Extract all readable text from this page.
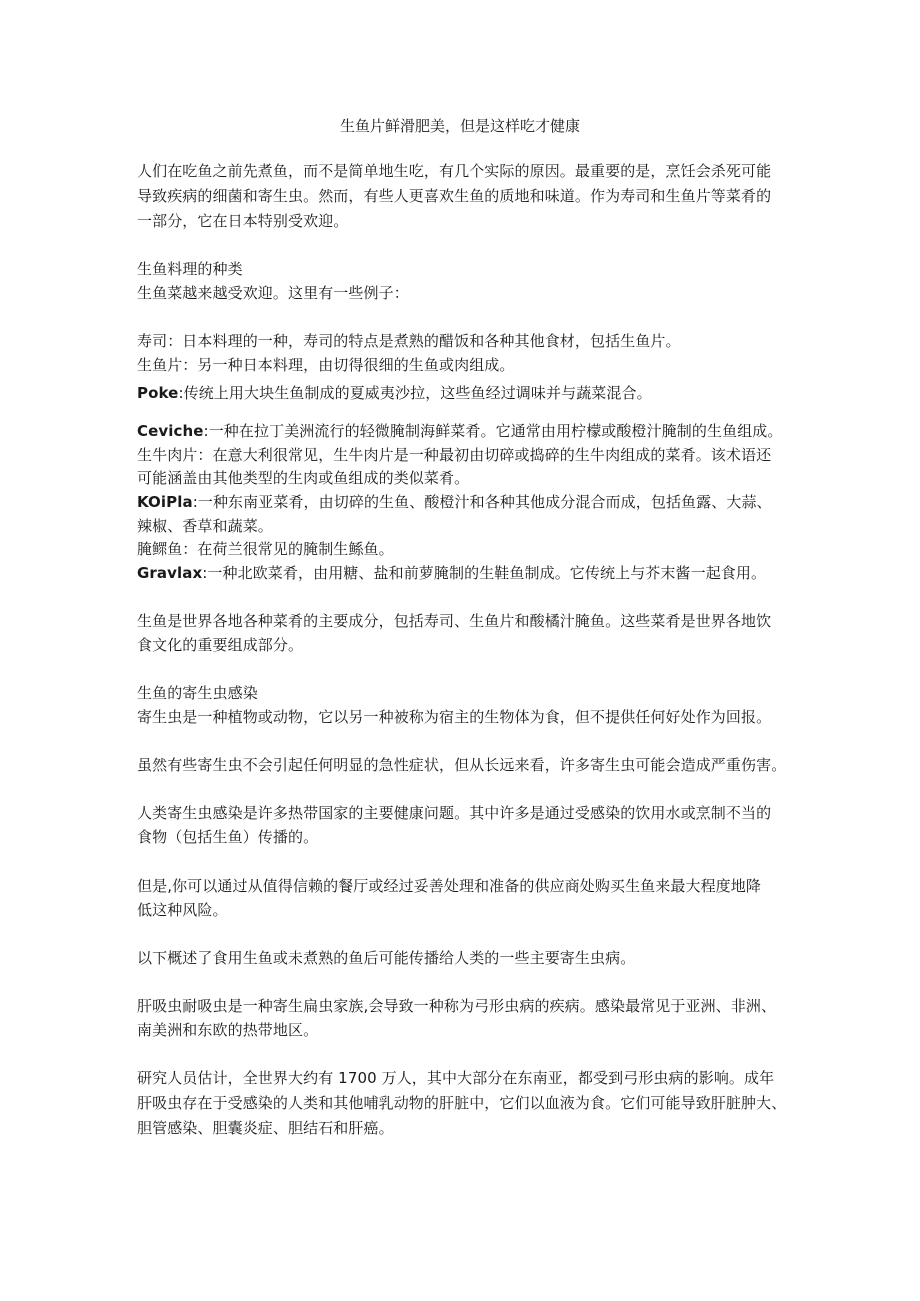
生鱼片鲜滑肥美，但是这样吃才健康
人们在吃鱼之前先煮鱼，而不是简单地生吃，有几个实际的原因。最重要的是，烹饪会杀死可能
导致疾病的细菌和寄生虫。然而，有些人更喜欢生鱼的质地和味道。作为寿司和生鱼片等菜肴的
一部分，它在日本特别受欢迎。
生鱼料理的种类
生鱼菜越来越受欢迎。这里有一些例子：
寿司：日本料理的一种，寿司的特点是煮熟的醋饭和各种其他食材，包括生鱼片。
生鱼片：另一种日本料理，由切得很细的生鱼或肉组成。
Poke:传统上用大块生鱼制成的夏威夷沙拉，这些鱼经过调味并与蔬菜混合。
Ceviche:一种在拉丁美洲流行的轻微腌制海鲜菜肴。它通常由用柠檬或酸橙汁腌制的生鱼组成。
生牛肉片：在意大利很常见，生牛肉片是一种最初由切碎或捣碎的生牛肉组成的菜肴。该术语还
可能涵盖由其他类型的生肉或鱼组成的类似菜肴。
KOiPla:一种东南亚菜肴，由切碎的生鱼、酸橙汁和各种其他成分混合而成，包括鱼露、大蒜、
辣椒、香草和蔬菜。
腌鳏鱼：在荷兰很常见的腌制生鲧鱼。
Gravlax:一种北欧菜肴，由用糖、盐和前萝腌制的生鞋鱼制成。它传统上与芥末酱一起食用。
生鱼是世界各地各种菜肴的主要成分，包括寿司、生鱼片和酸橘汁腌鱼。这些菜肴是世界各地饮
食文化的重要组成部分。
生鱼的寄生虫感染
寄生虫是一种植物或动物，它以另一种被称为宿主的生物体为食，但不提供任何好处作为回报。
虽然有些寄生虫不会引起任何明显的急性症状，但从长远来看，许多寄生虫可能会造成严重伤害。
人类寄生虫感染是许多热带国家的主要健康问题。其中许多是通过受感染的饮用水或烹制不当的
食物（包括生鱼）传播的。
但是,你可以通过从值得信赖的餐厅或经过妥善处理和准备的供应商处购买生鱼来最大程度地降
低这种风险。
以下概述了食用生鱼或未煮熟的鱼后可能传播给人类的一些主要寄生虫病。
肝吸虫耐吸虫是一种寄生扁虫家族,会导致一种称为弓形虫病的疾病。感染最常见于亚洲、非洲、
南美洲和东欧的热带地区。
研究人员估计，全世界大约有 1700 万人，其中大部分在东南亚，都受到弓形虫病的影响。成年
肝吸虫存在于受感染的人类和其他哺乳动物的肝脏中，它们以血液为食。它们可能导致肝脏肿大、
胆管感染、胆囊炎症、胆结石和肝癌。
